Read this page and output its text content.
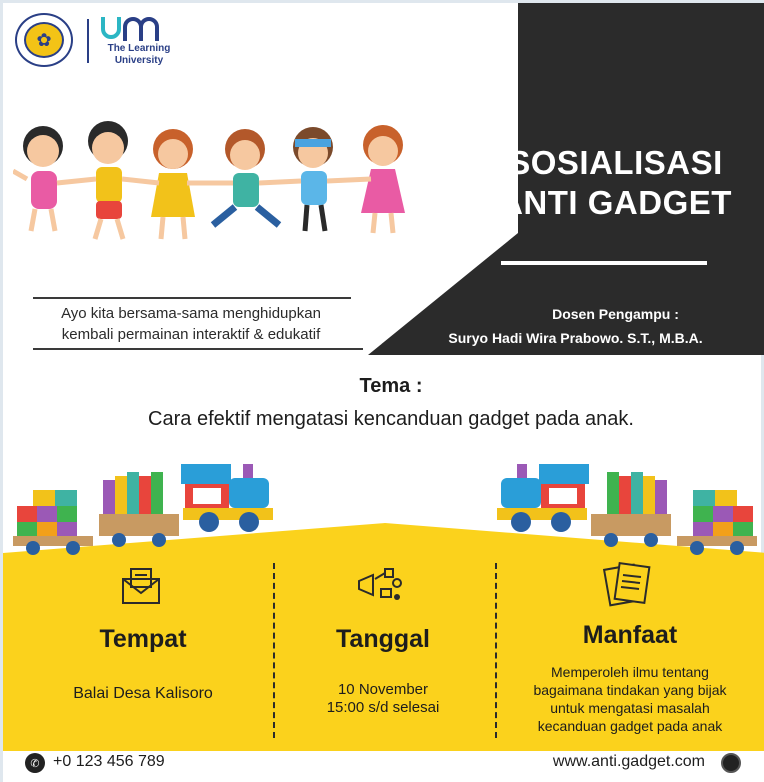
✿	The Learning University
SOSIALISASI
ANTI GADGET
Dosen Pengampu :
Suryo Hadi Wira Prabowo. S.T., M.B.A.
Ayo kita bersama-sama menghidupkan
kembali permainan interaktif & edukatif
Tema :
Cara efektif mengatasi kencanduan gadget pada anak.
Tempat
Balai Desa Kalisoro
Tanggal
10 November
15:00 s/d selesai
Manfaat
Memperoleh ilmu tentang
bagaimana tindakan yang bijak
untuk mengatasi masalah
kecanduan gadget pada anak
✆ +0 123 456 789	www.anti.gadget.com
